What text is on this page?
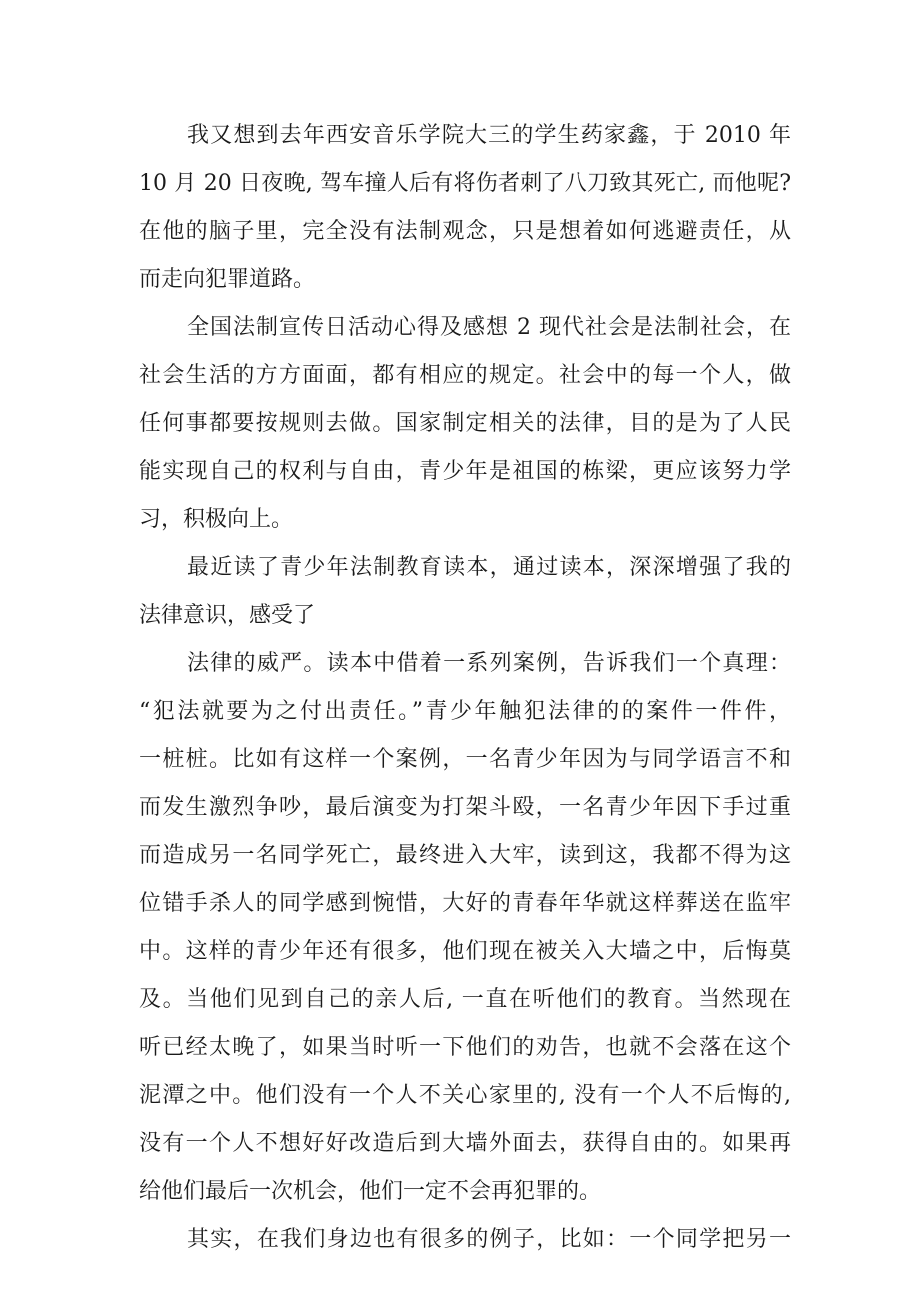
我又想到去年西安音乐学院大三的学生药家鑫，于 2010 年
10 月 20 日夜晚, 驾车撞人后有将伤者刺了八刀致其死亡, 而他呢?
在他的脑子里，完全没有法制观念，只是想着如何逃避责任，从
而走向犯罪道路。
全国法制宣传日活动心得及感想 2 现代社会是法制社会，在
社会生活的方方面面，都有相应的规定。社会中的每一个人，做
任何事都要按规则去做。国家制定相关的法律，目的是为了人民
能实现自己的权利与自由，青少年是祖国的栋梁，更应该努力学
习，积极向上。
最近读了青少年法制教育读本，通过读本，深深增强了我的
法律意识，感受了
法律的威严。读本中借着一系列案例，告诉我们一个真理：
“犯法就要为之付出责任。”青少年触犯法律的的案件一件件，
一桩桩。比如有这样一个案例，一名青少年因为与同学语言不和
而发生激烈争吵，最后演变为打架斗殴，一名青少年因下手过重
而造成另一名同学死亡，最终进入大牢，读到这，我都不得为这
位错手杀人的同学感到惋惜，大好的青春年华就这样葬送在监牢
中。这样的青少年还有很多，他们现在被关入大墙之中，后悔莫
及。当他们见到自己的亲人后, 一直在听他们的教育。当然现在
听已经太晚了，如果当时听一下他们的劝告，也就不会落在这个
泥潭之中。他们没有一个人不关心家里的, 没有一个人不后悔的,
没有一个人不想好好改造后到大墙外面去，获得自由的。如果再
给他们最后一次机会，他们一定不会再犯罪的。
其实，在我们身边也有很多的例子，比如：一个同学把另一
